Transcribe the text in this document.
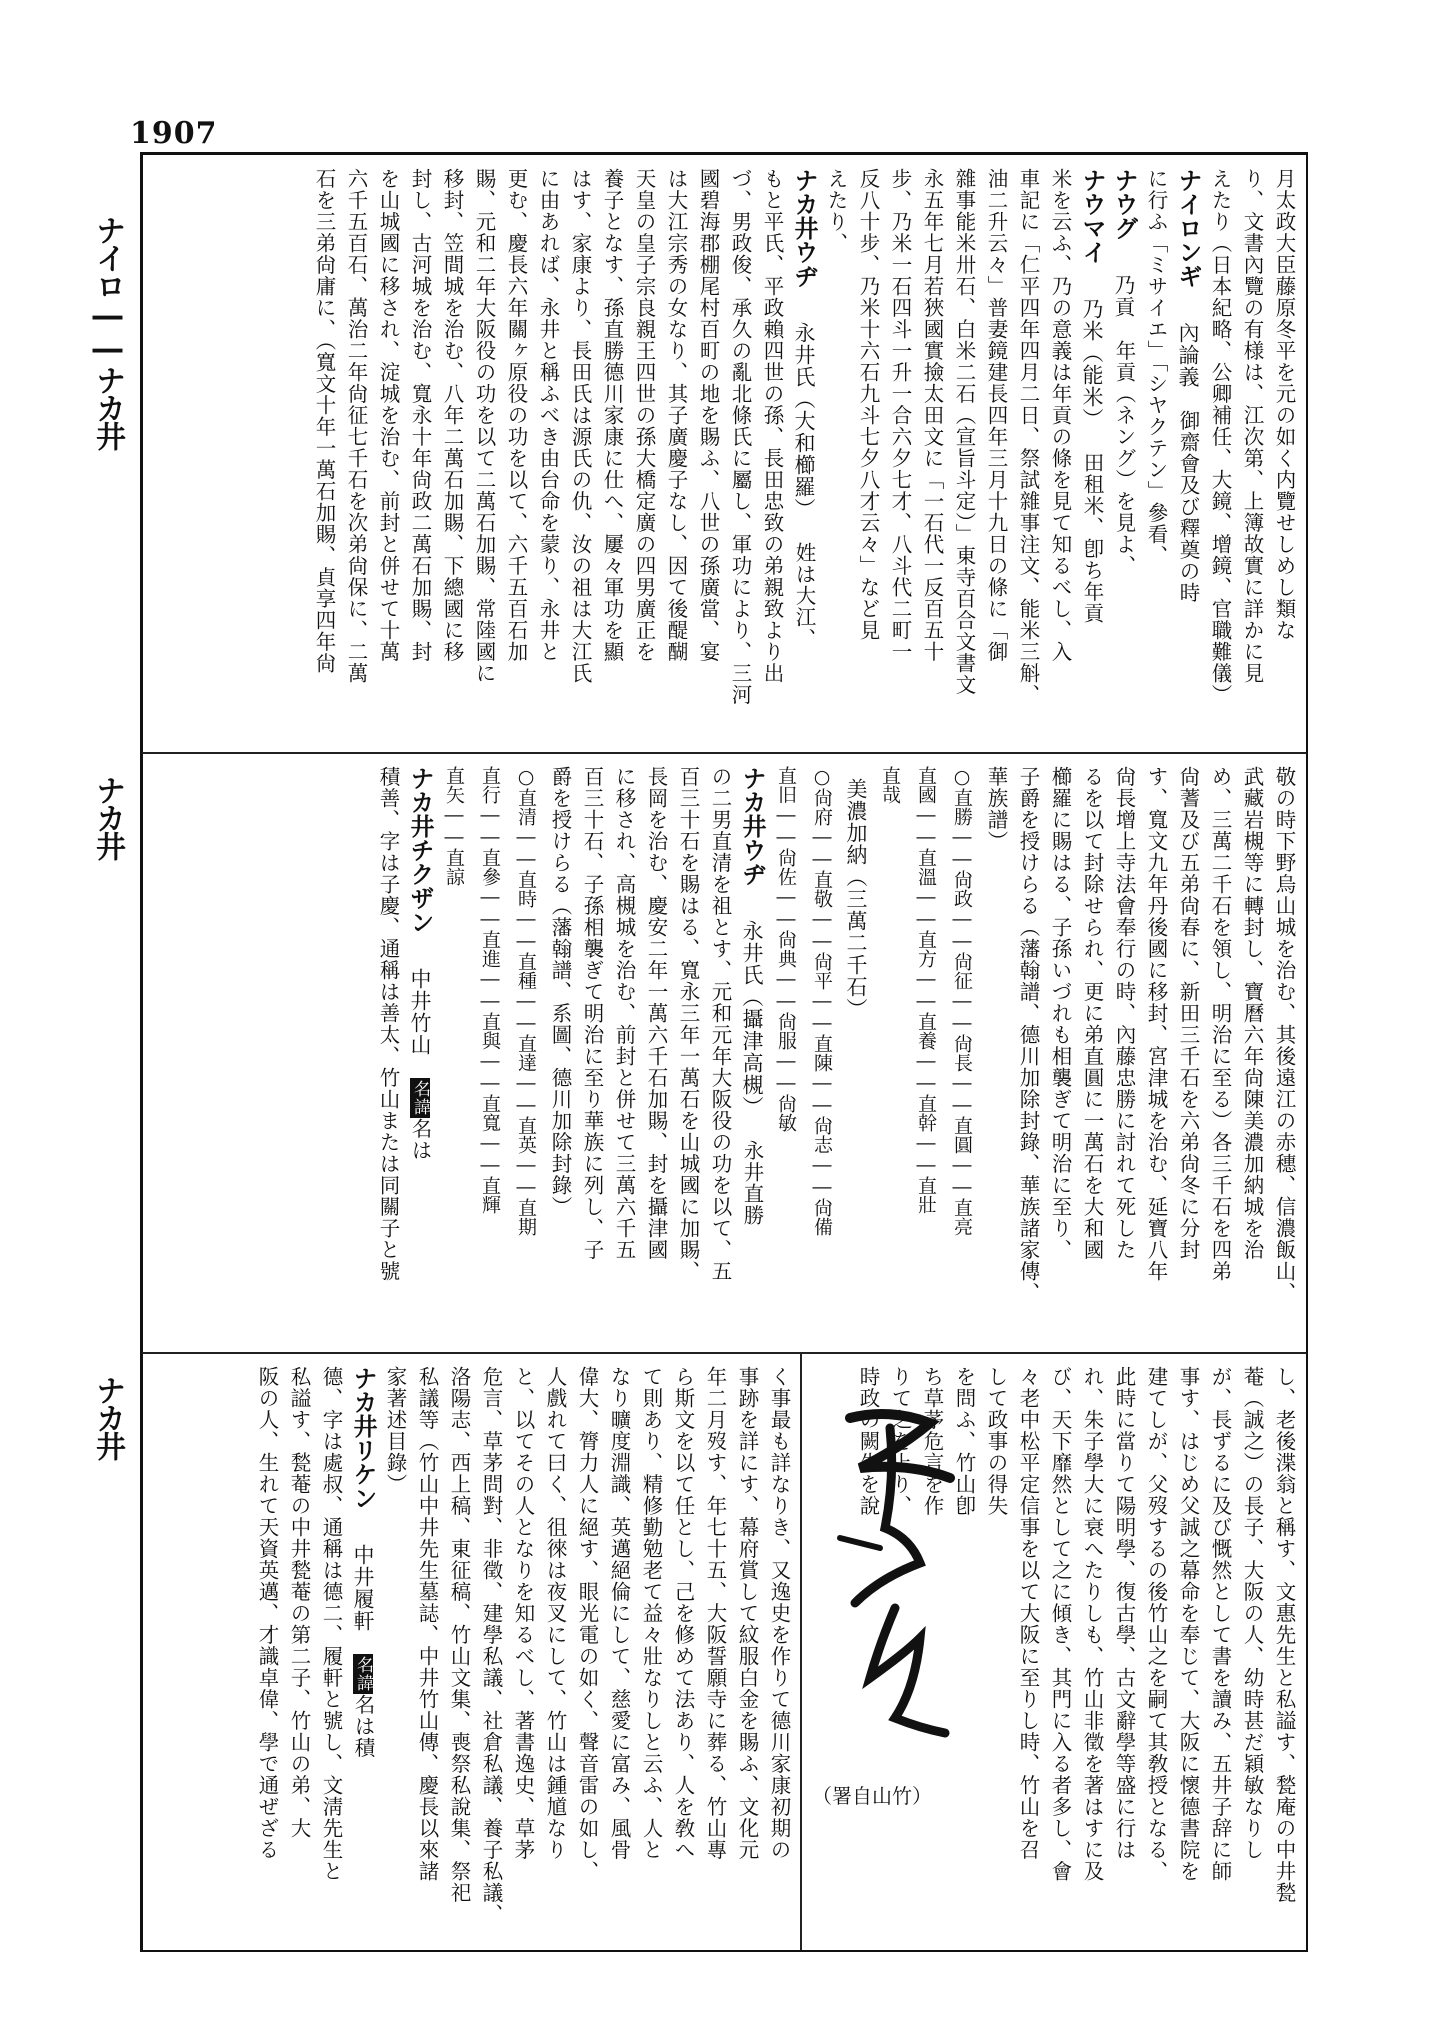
1907
ナイロ――ナカ井
ナカ井
ナカ井
月太政大臣藤原冬平を元の如く内覽せしめし類な
り、文書內覽の有様は、江次第、上簿故實に詳かに見
えたり（日本紀略、公卿補任、大鏡、增鏡、官職難儀）
ナイロンギ內論義御齋會及び釋奠の時
に行ふ「ミサイエ」「シヤクテン」參看、
ナウグ乃貢年貢（ネング）を見よ、
ナウマイ乃米（能米）田租米、卽ち年貢
米を云ふ、乃の意義は年貢の條を見て知るべし、入
車記に「仁平四年四月二日、祭試雜事注文、能米三斛、
油二升云々」普妻鏡建長四年三月十九日の條に「御
雜事能米卅石、白米二石（宣旨斗定）」東寺百合文書文
永五年七月若狹國實撿太田文に「一石代一反百五十
步、乃米一石四斗一升一合六夕七才、八斗代二町一
反八十步、乃米十六石九斗七夕八才云々」など見
えたり、
ナカ井ウヂ永井氏（大和櫛羅）姓は大江、
もと平氏、平政賴四世の孫、長田忠致の弟親致より出
づ、男政俊、承久の亂北條氏に屬し、軍功により、三河
國碧海郡棚尾村百町の地を賜ふ、八世の孫廣當、宴
は大江宗秀の女なり、其子廣慶子なし、因て後醍醐
天皇の皇子宗良親王四世の孫大橋定廣の四男廣正を
養子となす、孫直勝德川家康に仕へ、屢々軍功を顯
はす、家康より、長田氏は源氏の仇、汝の祖は大江氏
に由あれば、永井と稱ふべき由台命を蒙り、永井と
更む、慶長六年關ヶ原役の功を以て、六千五百石加
賜、元和二年大阪役の功を以て二萬石加賜、常陸國に
移封、笠間城を治む、八年二萬石加賜、下總國に移
封し、古河城を治む、寬永十年尙政二萬石加賜、封
を山城國に移され、淀城を治む、前封と併せて十萬
六千五百石、萬治二年尙征七千石を次弟尙保に、二萬
石を三弟尙庸に、（寬文十年一萬石加賜、貞享四年尙
敬の時下野烏山城を治む、其後遠江の赤穗、信濃飯山、
武藏岩槻等に轉封し、寶曆六年尙陳美濃加納城を治
め、三萬二千石を領し、明治に至る）各三千石を四弟
尙蓍及び五弟尙春に、新田三千石を六弟尙冬に分封
す、寬文九年丹後國に移封、宮津城を治む、延寶八年
尙長增上寺法會奉行の時、內藤忠勝に討れて死した
るを以て封除せられ、更に弟直圓に一萬石を大和國
櫛羅に賜はる、子孫いづれも相襲ぎて明治に至り、
子爵を授けらる（藩翰譜、德川加除封錄、華族諸家傳、
華族譜）
○直勝――尙政――尙征――尙長――直圓――直亮
直國――直溫――直方――直養――直幹――直壯
直哉
美濃加納（三萬二千石）
○尙府――直敬――尙平――直陳――尙志――尙備
直旧――尙佐――尙典――尙服――尙敏
ナカ井ウヂ永井氏（攝津高槻）永井直勝
の二男直清を祖とす、元和元年大阪役の功を以て、五
百三十石を賜はる、寬永三年一萬石を山城國に加賜、
長岡を治む、慶安二年一萬六千石加賜、封を攝津國
に移され、高槻城を治む、前封と併せて三萬六千五
百三十石、子孫相襲ぎて明治に至り華族に列し、子
爵を授けらる（藩翰譜、系圖、德川加除封錄）
○直清――直時――直種――直達――直英――直期
直行――直參――直進――直與――直寬――直輝
直矢――直諒
ナカ井チクザン中井竹山名諱名は
積善、字は子慶、通稱は善太、竹山または同關子と號
し、老後渫翁と稱す、文惠先生と私謚す、甃庵の中井甃
菴（誠之）の長子、大阪の人、幼時甚だ穎敏なりし
が、長ずるに及び慨然として書を讀み、五井子辞に師
事す、はじめ父誠之幕命を奉じて、大阪に懷德書院を
建てしが、父歿するの後竹山之を嗣て其敎授となる、
此時に當りて陽明學、復古學、古文辭學等盛に行は
れ、朱子學大に衰へたりしも、竹山非徵を著はすに及
び、天下靡然として之に傾き、其門に入る者多し、會
々老中松平定信事を以て大阪に至りし時、竹山を召
して政事の得失
を問ふ、竹山卽
ち草茅危言を作
りて之を上り、
時政の闕失を說
く事最も詳なりき、又逸史を作りて德川家康初期の
事跡を詳にす、幕府賞して紋服白金を賜ふ、文化元
年二月歿す、年七十五、大阪誓願寺に葬る、竹山專
ら斯文を以て任とし、己を修めて法あり、人を敎へ
て則あり、精修勤勉老て益々壯なりしと云ふ、人と
なり曠度淵識、英邁絕倫にして、慈愛に富み、風骨
偉大、膂力人に絕す、眼光電の如く、聲音雷の如し、
人戲れて曰く、徂徠は夜叉にして、竹山は鍾馗なり
と、以てその人となりを知るべし、著書逸史、草茅
危言、草茅問對、非徵、建學私議、社倉私議、養子私議、
洛陽志、西上稿、東征稿、竹山文集、喪祭私說集、祭祀
私議等（竹山中井先生墓誌、中井竹山傳、慶長以來諸
家著述目錄）
ナカ井リケン中井履軒名諱名は積
德、字は處叔、通稱は德二、履軒と號し、文淸先生と
私謚す、甃菴の中井甃菴の第二子、竹山の弟、大
阪の人、生れて天資英邁、才識卓偉、學で通ぜざる	（署自山竹）
